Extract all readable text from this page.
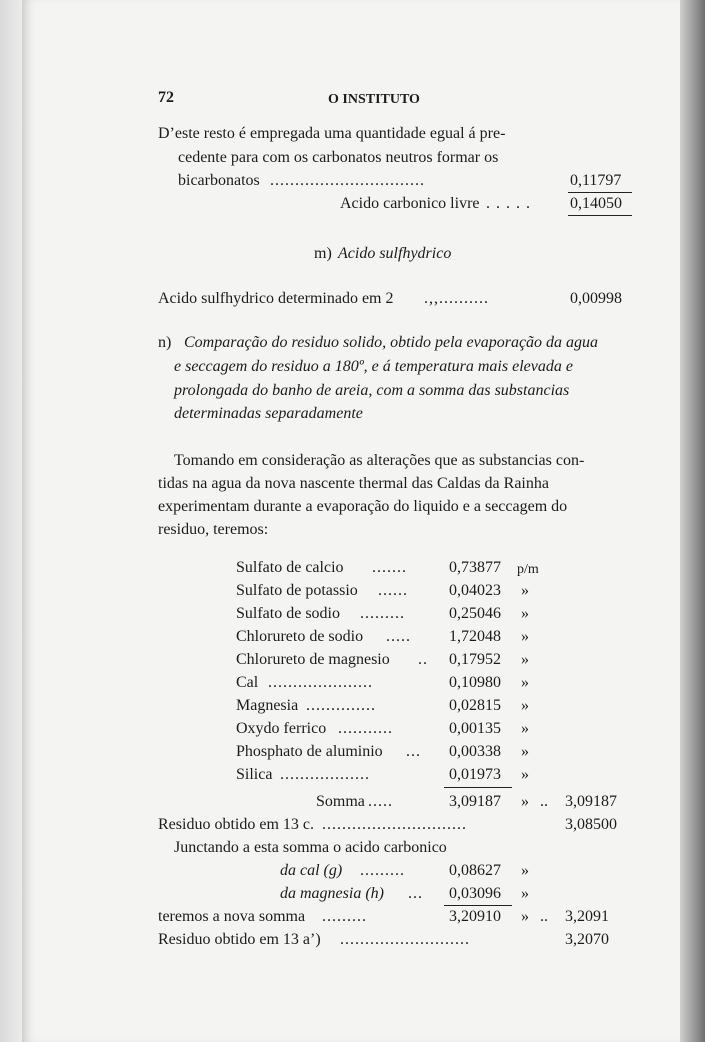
72	O INSTITUTO
D’este resto é empregada uma quantidade egual á pre-
cedente para com os carbonatos neutros formar os
bicarbonatos ...............................	0,11797
Acido carbonico livre . . . . . 0,14050
m) Acido sulfhydrico
Acido sulfhydrico determinado em 2 .,,..........	0,00998
n) Comparação do residuo solido, obtido pela evaporação da agua
e seccagem do residuo a 180º, e á temperatura mais elevada e
prolongada do banho de areia, com a somma das substancias
determinadas separadamente
Tomando em consideração as alterações que as substancias con-
tidas na agua da nova nascente thermal das Caldas da Rainha
experimentam durante a evaporação do liquido e a seccagem do
residuo, teremos:
Sulfato de calcio .......	0,73877 p/m
Sulfato de potassio ......	0,04023 »
Sulfato de sodio .........	0,25046 »
Chlorureto de sodio ..... 1,72048 »
Chlorureto de magnesio .. 0,17952 »
Cal .....................	0,10980 »
Magnesia ..............	0,02815 »
Oxydo ferrico ...........	0,00135 »
Phosphato de aluminio ... 0,00338 »
Silica ..................	0,01973 »
Somma .....	3,09187 » .. 3,09187
Residuo obtido em 13 c. .............................	3,08500
Junctando a esta somma o acido carbonico
da cal (g) .........	0,08627 »
da magnesia (h) ... 0,03096 »
teremos a nova somma .........	3,20910 » .. 3,2091
Residuo obtido em 13 a’) ..........................	3,2070
